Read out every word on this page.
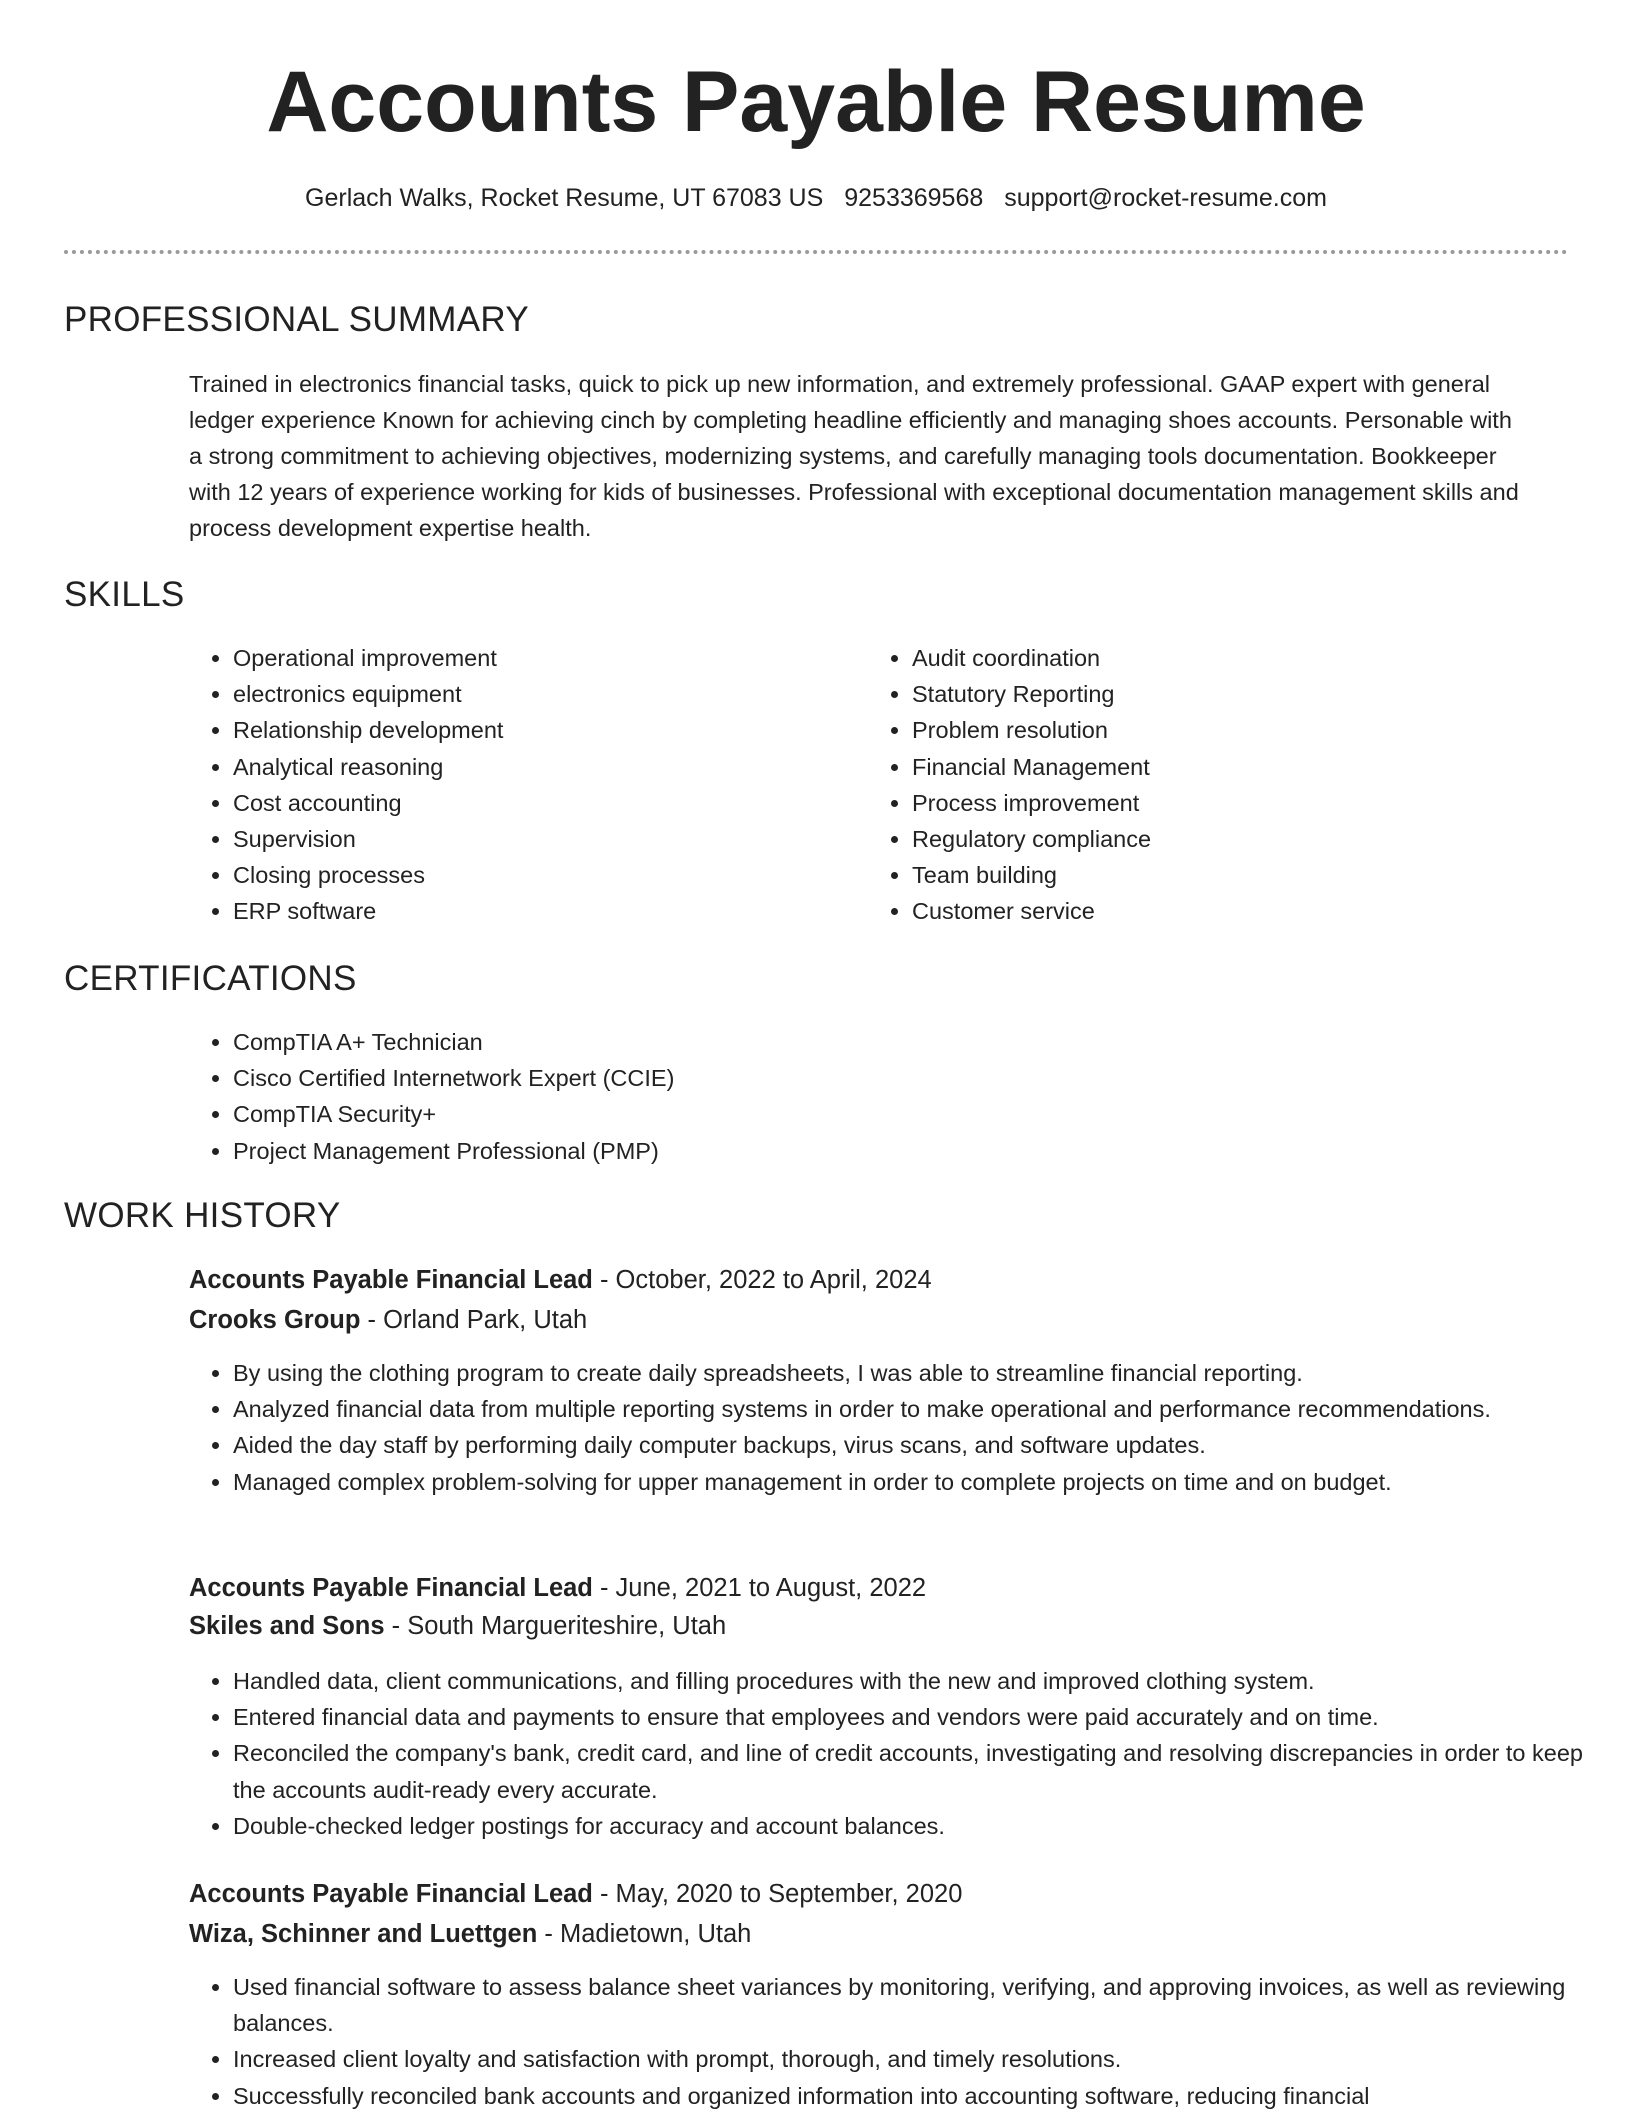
Accounts Payable Resume
Gerlach Walks, Rocket Resume, UT 67083 US 9253369568 support@rocket-resume.com
PROFESSIONAL SUMMARY

Trained in electronics financial tasks, quick to pick up new information, and extremely professional. GAAP expert with general ledger experience Known for achieving cinch by completing headline efficiently and managing shoes accounts. Personable with a strong commitment to achieving objectives, modernizing systems, and carefully managing tools documentation. Bookkeeper with 12 years of experience working for kids of businesses. Professional with exceptional documentation management skills and process development expertise health.

SKILLS
• Operational improvement
• electronics equipment
• Relationship development
• Analytical reasoning
• Cost accounting
• Supervision
• Closing processes
• ERP software
• Audit coordination
• Statutory Reporting
• Problem resolution
• Financial Management
• Process improvement
• Regulatory compliance
• Team building
• Customer service
CERTIFICATIONS
• CompTIA A+ Technician
• Cisco Certified Internetwork Expert (CCIE)
• CompTIA Security+
• Project Management Professional (PMP)
WORK HISTORY
Accounts Payable Financial Lead - October, 2022 to April, 2024
Crooks Group - Orland Park, Utah
• By using the clothing program to create daily spreadsheets, I was able to streamline financial reporting.
• Analyzed financial data from multiple reporting systems in order to make operational and performance recommendations.
• Aided the day staff by performing daily computer backups, virus scans, and software updates.
• Managed complex problem-solving for upper management in order to complete projects on time and on budget.
Accounts Payable Financial Lead - June, 2021 to August, 2022
Skiles and Sons - South Margueriteshire, Utah
• Handled data, client communications, and filling procedures with the new and improved clothing system.
• Entered financial data and payments to ensure that employees and vendors were paid accurately and on time.
• Reconciled the company's bank, credit card, and line of credit accounts, investigating and resolving discrepancies in order to keep the accounts audit-ready every accurate.
• Double-checked ledger postings for accuracy and account balances.
Accounts Payable Financial Lead - May, 2020 to September, 2020
Wiza, Schinner and Luettgen - Madietown, Utah
• Used financial software to assess balance sheet variances by monitoring, verifying, and approving invoices, as well as reviewing balances.
• Increased client loyalty and satisfaction with prompt, thorough, and timely resolutions.
• Successfully reconciled bank accounts and organized information into accounting software, reducing financial
